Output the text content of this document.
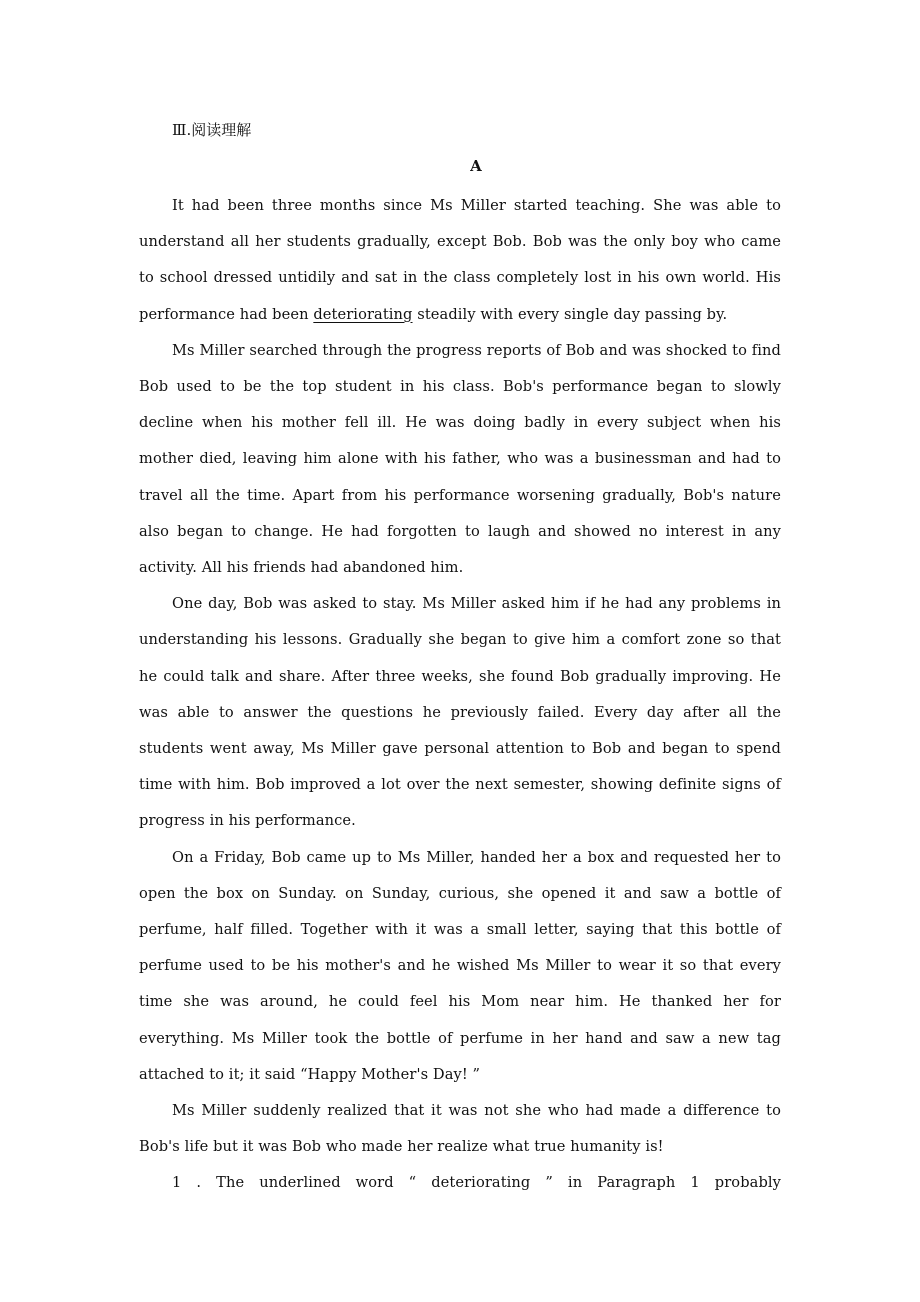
Ⅲ.阅读理解
A

It had been three months since Ms Miller started teaching. She was able to understand all her students gradually, except Bob. Bob was the only boy who came to school dressed untidily and sat in the class completely lost in his own world. His performance had been deteriorating steadily with every single day passing by.

Ms Miller searched through the progress reports of Bob and was shocked to find Bob used to be the top student in his class. Bob's performance began to slowly decline when his mother fell ill. He was doing badly in every subject when his mother died, leaving him alone with his father, who was a businessman and had to travel all the time. Apart from his performance worsening gradually, Bob's nature also began to change. He had forgotten to laugh and showed no interest in any activity. All his friends had abandoned him.

One day, Bob was asked to stay. Ms Miller asked him if he had any problems in understanding his lessons. Gradually she began to give him a comfort zone so that he could talk and share. After three weeks, she found Bob gradually improving. He was able to answer the questions he previously failed. Every day after all the students went away, Ms Miller gave personal attention to Bob and began to spend time with him. Bob improved a lot over the next semester, showing definite signs of progress in his performance.

On a Friday, Bob came up to Ms Miller, handed her a box and requested her to open the box on Sunday. on Sunday, curious, she opened it and saw a bottle of perfume, half filled. Together with it was a small letter, saying that this bottle of perfume used to be his mother's and he wished Ms Miller to wear it so that every time she was around, he could feel his Mom near him. He thanked her for everything. Ms Miller took the bottle of perfume in her hand and saw a new tag attached to it; it said “Happy Mother's Day! ”

Ms Miller suddenly realized that it was not she who had made a difference to Bob's life but it was Bob who made her realize what true humanity is!

1 . The underlined word “ deteriorating ” in Paragraph 1 probably
